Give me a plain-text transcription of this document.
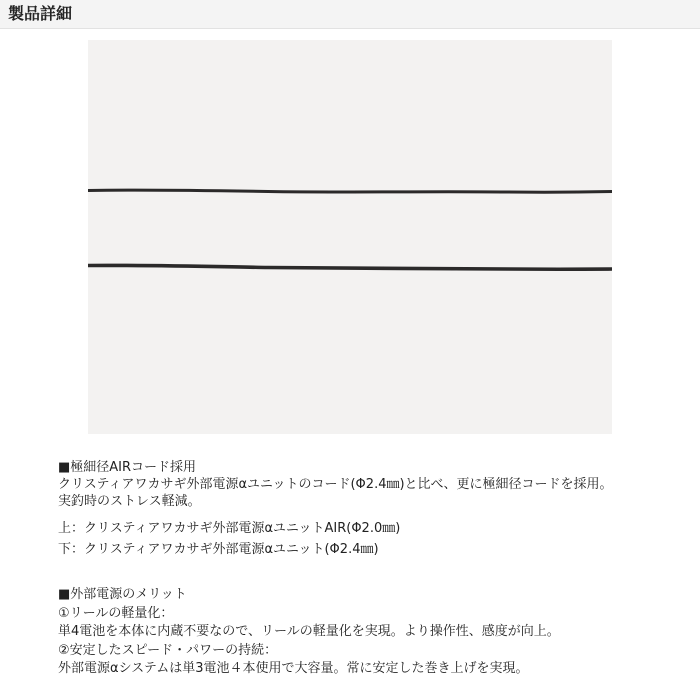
製品詳細

■極細径AIRコード採用

クリスティアワカサギ外部電源αユニットのコード(Φ2.4㎜)と比べ、更に極細径コードを採用。

実釣時のストレス軽減。

上：クリスティアワカサギ外部電源αユニットAIR(Φ2.0㎜)

下：クリスティアワカサギ外部電源αユニット(Φ2.4㎜)

■外部電源のメリット

①リールの軽量化：

単4電池を本体に内蔵不要なので、リールの軽量化を実現。より操作性、感度が向上。

②安定したスピード・パワーの持続：

外部電源αシステムは単3電池４本使用で大容量。常に安定した巻き上げを実現。
